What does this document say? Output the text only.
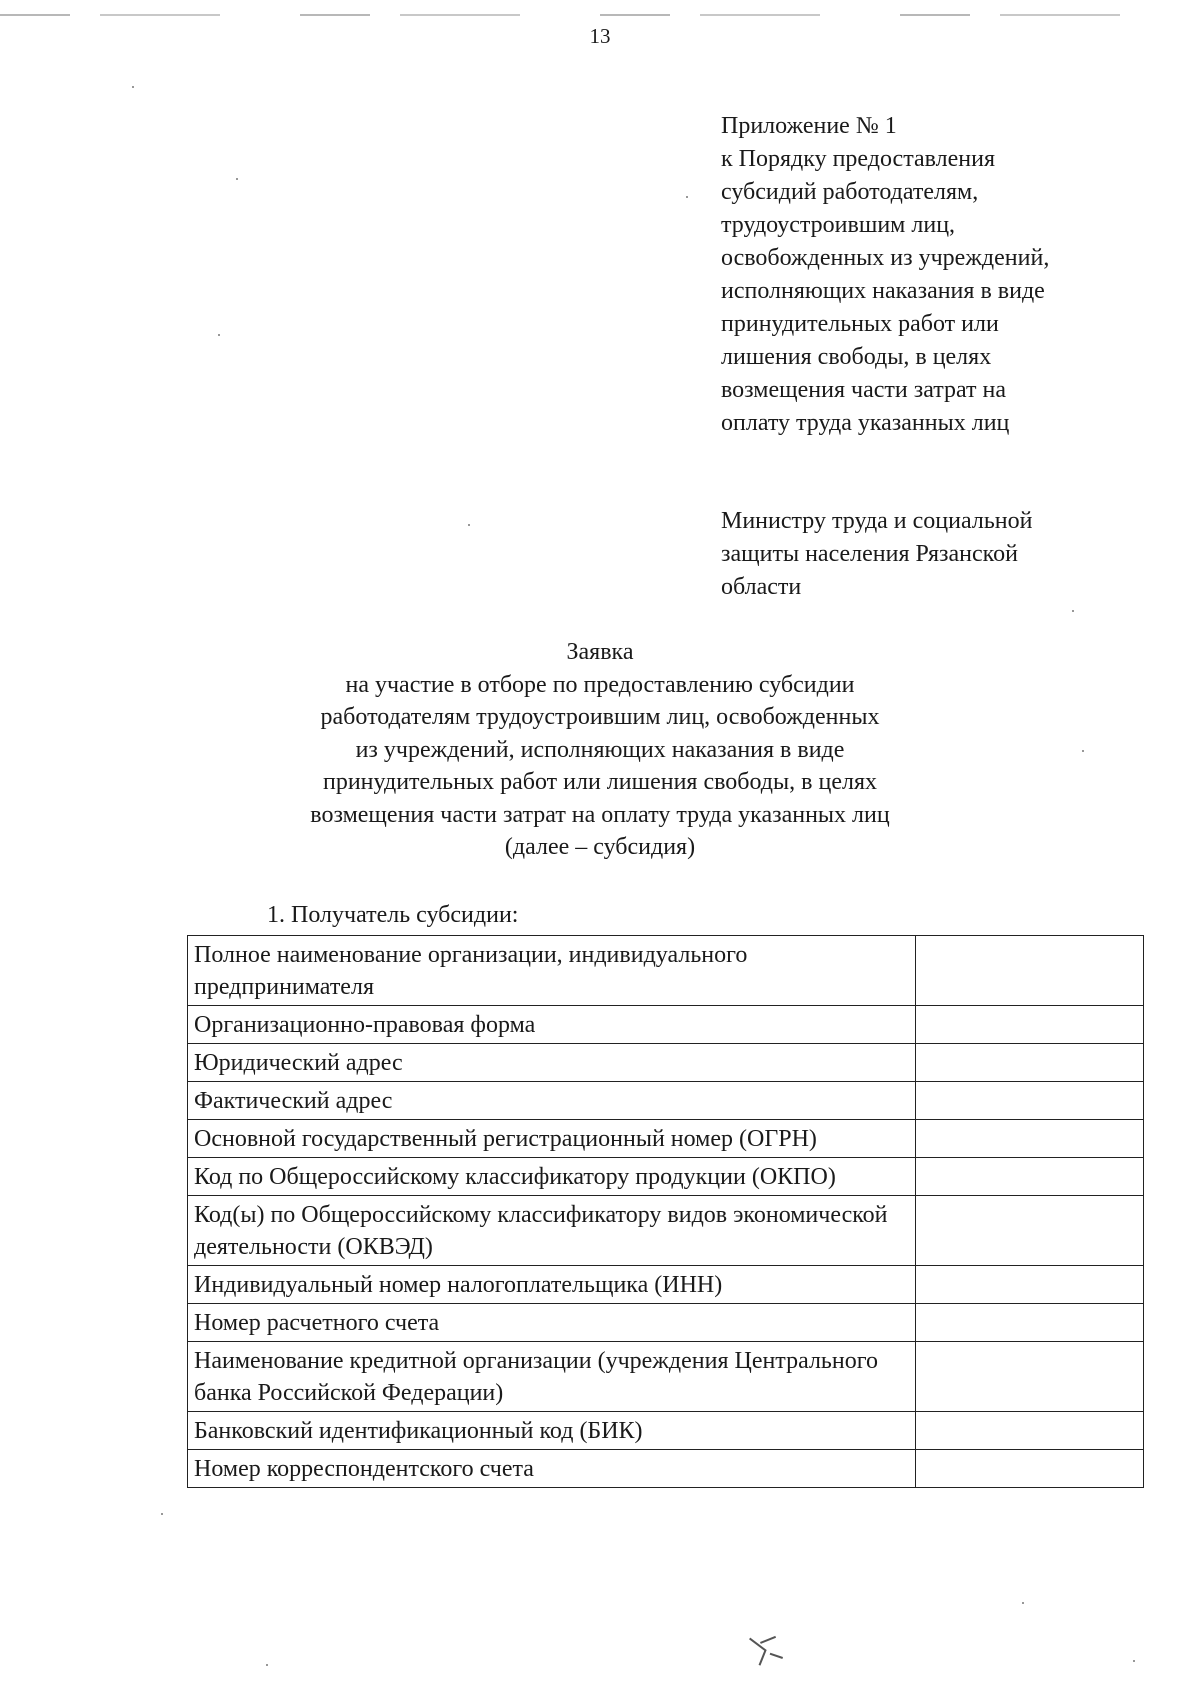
13
Приложение № 1
к Порядку предоставления
субсидий работодателям,
трудоустроившим лиц,
освобожденных из учреждений,
исполняющих наказания в виде
принудительных работ или
лишения свободы, в целях
возмещения части затрат на
оплату труда указанных лиц
Министру труда и социальной
защиты населения Рязанской
области
Заявка
на участие в отборе по предоставлению субсидии
работодателям трудоустроившим лиц, освобожденных
из учреждений, исполняющих наказания в виде
принудительных работ или лишения свободы, в целях
возмещения части затрат на оплату труда указанных лиц
(далее – субсидия)
1. Получатель субсидии:
Полное наименование организации, индивидуального предпринимателя	
Организационно-правовая форма	
Юридический адрес	
Фактический адрес	
Основной государственный регистрационный номер (ОГРН)	
Код по Общероссийскому классификатору продукции (ОКПО)	
Код(ы) по Общероссийскому классификатору видов экономической деятельности (ОКВЭД)	
Индивидуальный номер налогоплательщика (ИНН)	
Номер расчетного счета	
Наименование кредитной организации (учреждения Центрального банка Российской Федерации)	
Банковский идентификационный код (БИК)	
Номер корреспондентского счета	
